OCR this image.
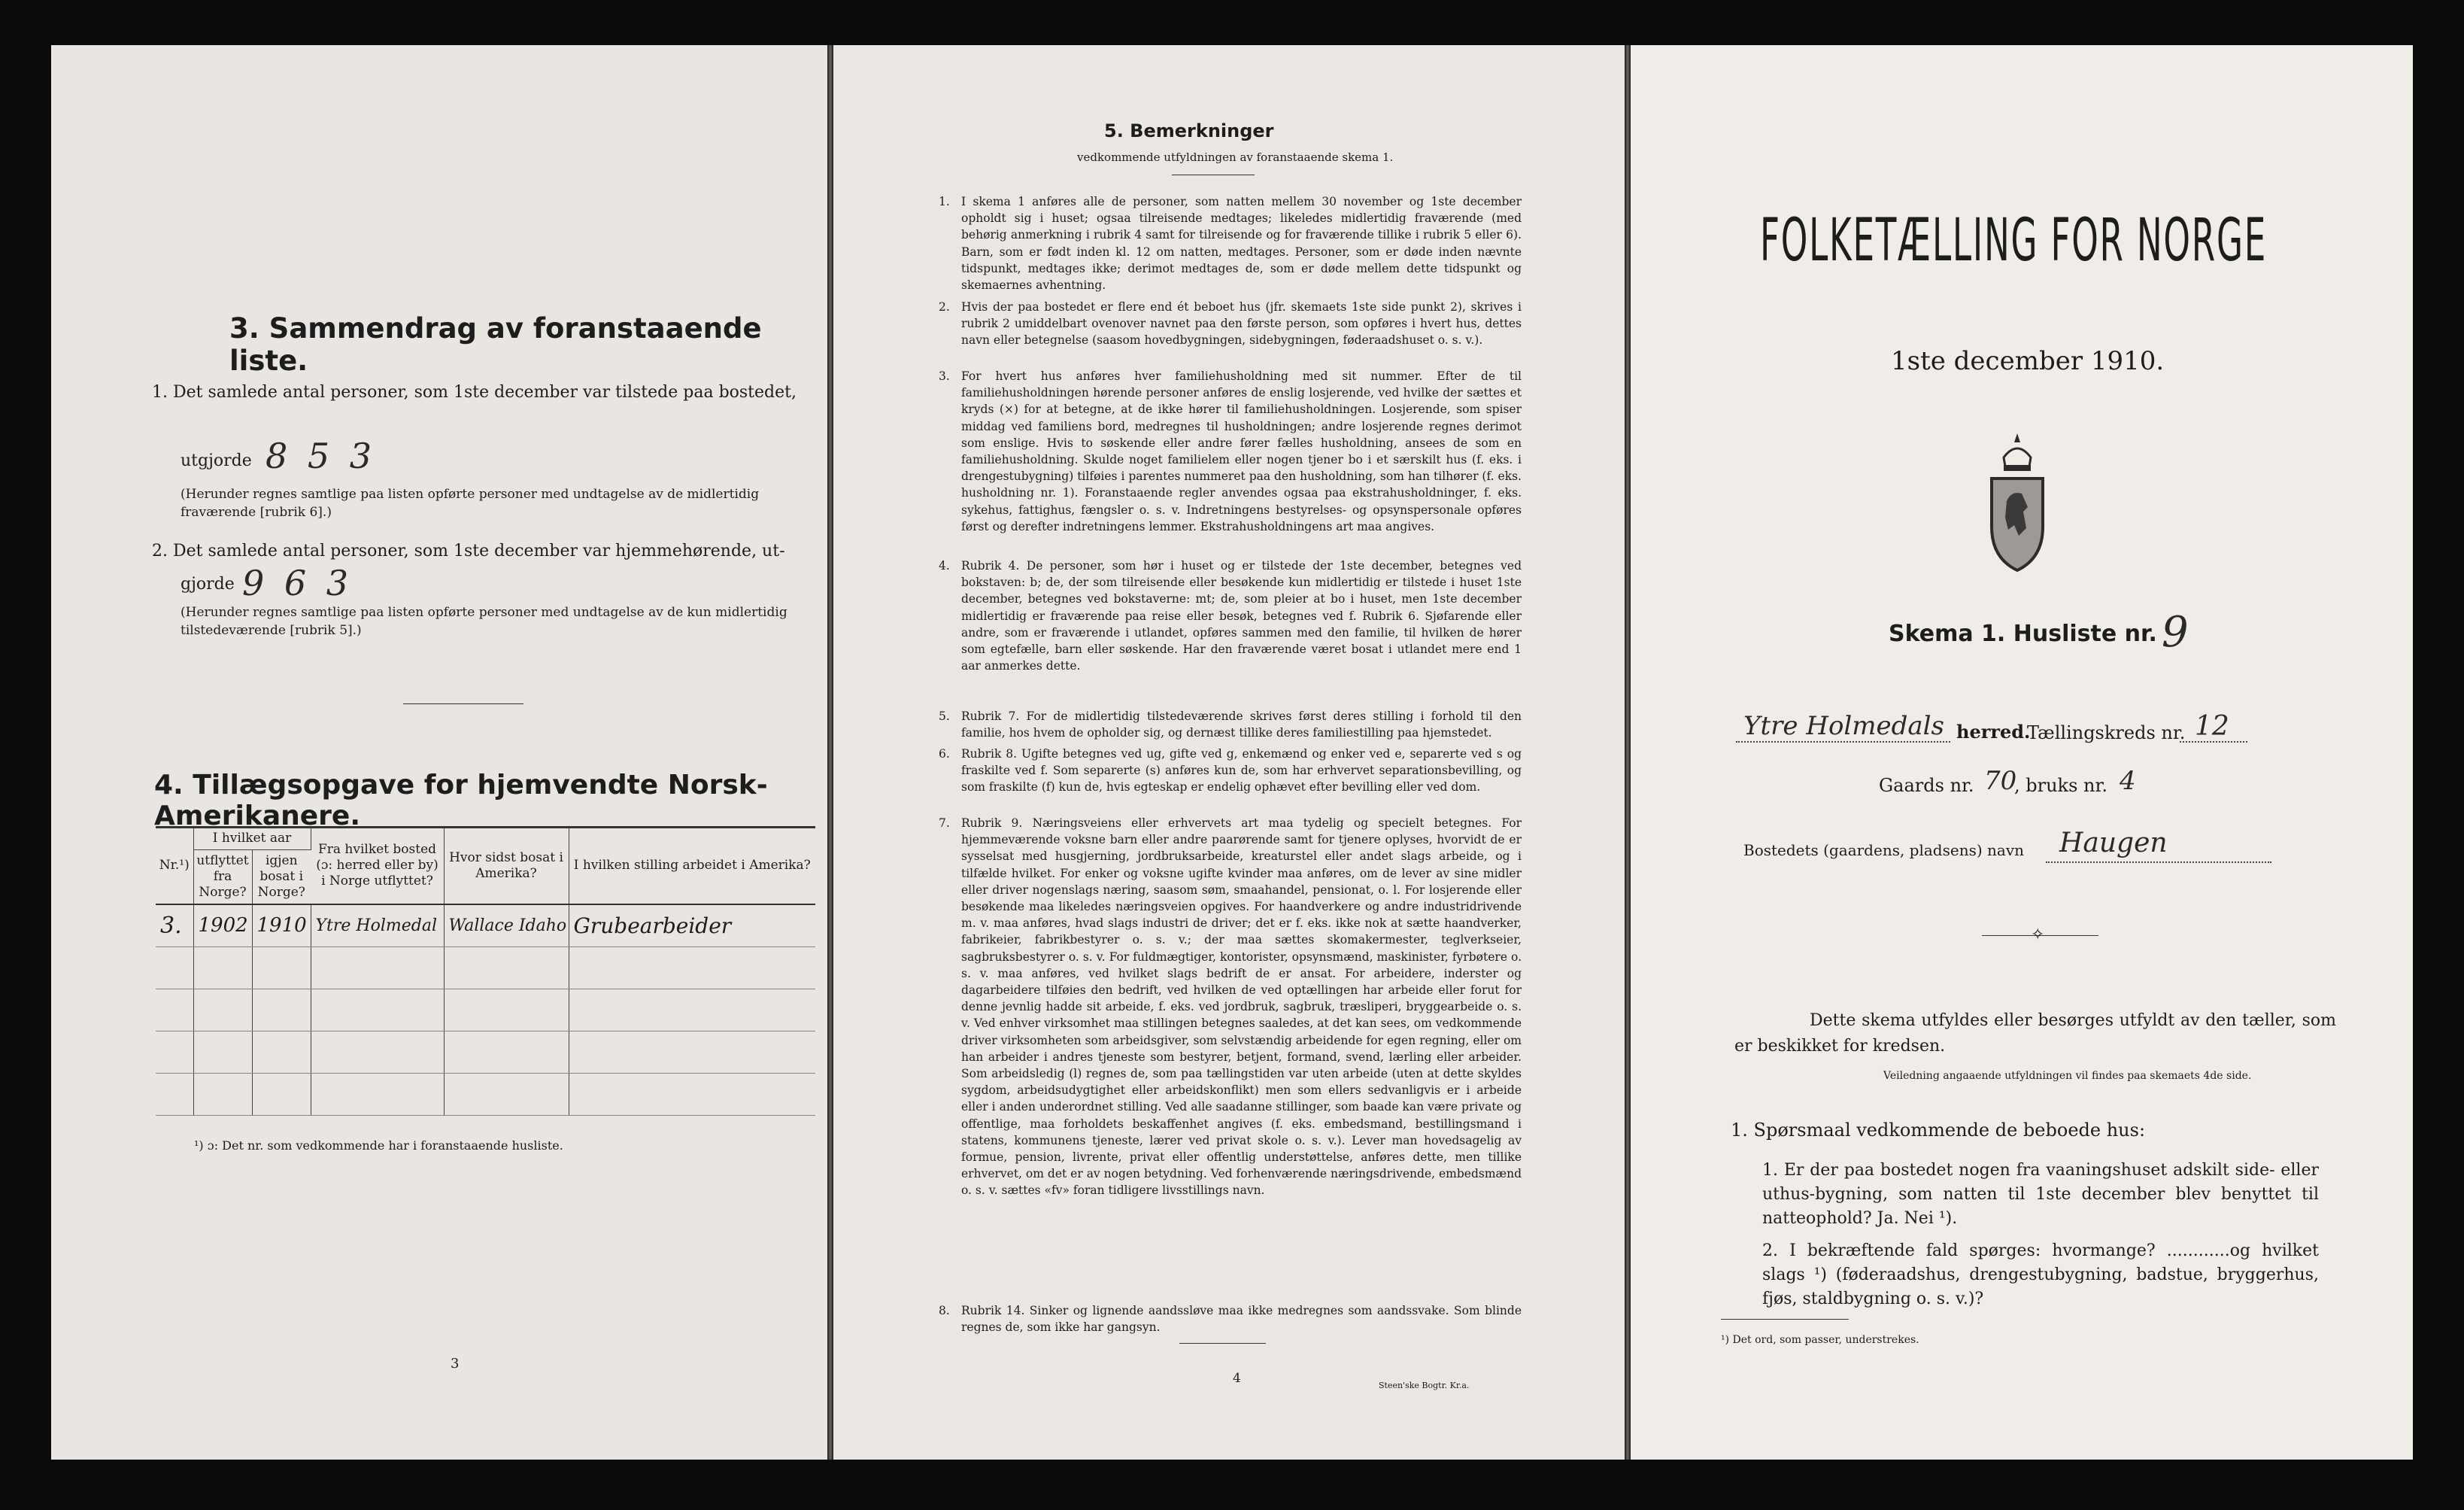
3. Sammendrag av foranstaaende liste.
1. Det samlede antal personer, som 1ste december var tilstede paa bostedet,
utgjorde 8 5 3
(Herunder regnes samtlige paa listen opførte personer med undtagelse av de midlertidig fraværende [rubrik 6].)
2. Det samlede antal personer, som 1ste december var hjemmehørende, ut-
gjorde 9 6 3
(Herunder regnes samtlige paa listen opførte personer med undtagelse av de kun midlertidig tilstedeværende [rubrik 5].)
4. Tillægsopgave for hjemvendte Norsk-Amerikanere.
Nr.¹)	I hvilket aar		Fra hvilket bosted (ɔ: herred eller by) i Norge utflyttet?	Hvor sidst bosat i Amerika?	I hvilken stilling arbeidet i Amerika?
	utflyttet fra Norge?	igjen bosat i Norge?			
3.	1902	1910	Ytre Holmedal	Wallace Idaho	Grubearbeider

¹) ɔ: Det nr. som vedkommende har i foranstaaende husliste.
3
5. Bemerkninger
vedkommende utfyldningen av foranstaaende skema 1.
1. I skema 1 anføres alle de personer, som natten mellem 30 november og 1ste december opholdt sig i huset; ogsaa tilreisende medtages; likeledes midlertidig fraværende (med behørig anmerkning i rubrik 4 samt for tilreisende og for fraværende tillike i rubrik 5 eller 6). Barn, som er født inden kl. 12 om natten, medtages. Personer, som er døde inden nævnte tidspunkt, medtages ikke; derimot medtages de, som er døde mellem dette tidspunkt og skemaernes avhentning.
2. Hvis der paa bostedet er flere end ét beboet hus (jfr. skemaets 1ste side punkt 2), skrives i rubrik 2 umiddelbart ovenover navnet paa den første person, som opføres i hvert hus, dettes navn eller betegnelse (saasom hovedbygningen, sidebygningen, føderaadshuset o. s. v.).
3. For hvert hus anføres hver familiehusholdning med sit nummer. Efter de til familiehusholdningen hørende personer anføres de enslig losjerende, ved hvilke der sættes et kryds (×) for at betegne, at de ikke hører til familiehusholdningen. Losjerende, som spiser middag ved familiens bord, medregnes til husholdningen; andre losjerende regnes derimot som enslige. Hvis to søskende eller andre fører fælles husholdning, ansees de som en familiehusholdning. Skulde noget familielem eller nogen tjener bo i et særskilt hus (f. eks. i drengestubygning) tilføies i parentes nummeret paa den husholdning, som han tilhører (f. eks. husholdning nr. 1). Foranstaaende regler anvendes ogsaa paa ekstrahusholdninger, f. eks. sykehus, fattighus, fængsler o. s. v. Indretningens bestyrelses- og opsynspersonale opføres først og derefter indretningens lemmer. Ekstrahusholdningens art maa angives.
4. Rubrik 4. De personer, som hør i huset og er tilstede der 1ste december, betegnes ved bokstaven: b; de, der som tilreisende eller besøkende kun midlertidig er tilstede i huset 1ste december, betegnes ved bokstaverne: mt; de, som pleier at bo i huset, men 1ste december midlertidig er fraværende paa reise eller besøk, betegnes ved f. Rubrik 6. Sjøfarende eller andre, som er fraværende i utlandet, opføres sammen med den familie, til hvilken de hører som egtefælle, barn eller søskende. Har den fraværende været bosat i utlandet mere end 1 aar anmerkes dette.
5. Rubrik 7. For de midlertidig tilstedeværende skrives først deres stilling i forhold til den familie, hos hvem de opholder sig, og dernæst tillike deres familiestilling paa hjemstedet.
6. Rubrik 8. Ugifte betegnes ved ug, gifte ved g, enkemænd og enker ved e, separerte ved s og fraskilte ved f. Som separerte (s) anføres kun de, som har erhvervet separationsbevilling, og som fraskilte (f) kun de, hvis egteskap er endelig ophævet efter bevilling eller ved dom.
7. Rubrik 9. Næringsveiens eller erhvervets art maa tydelig og specielt betegnes. For hjemmeværende voksne barn eller andre paarørende samt for tjenere oplyses, hvorvidt de er sysselsat med husgjerning, jordbruksarbeide, kreaturstel eller andet slags arbeide, og i tilfælde hvilket. For enker og voksne ugifte kvinder maa anføres, om de lever av sine midler eller driver nogenslags næring, saasom søm, smaahandel, pensionat, o. l. For losjerende eller besøkende maa likeledes næringsveien opgives. For haandverkere og andre industridrivende m. v. maa anføres, hvad slags industri de driver; det er f. eks. ikke nok at sætte haandverker, fabrikeier, fabrikbestyrer o. s. v.; der maa sættes skomakermester, teglverkseier, sagbruksbestyrer o. s. v. For fuldmægtiger, kontorister, opsynsmænd, maskinister, fyrbøtere o. s. v. maa anføres, ved hvilket slags bedrift de er ansat. For arbeidere, inderster og dagarbeidere tilføies den bedrift, ved hvilken de ved optællingen har arbeide eller forut for denne jevnlig hadde sit arbeide, f. eks. ved jordbruk, sagbruk, træsliperi, bryggearbeide o. s. v. Ved enhver virksomhet maa stillingen betegnes saaledes, at det kan sees, om vedkommende driver virksomheten som arbeidsgiver, som selvstændig arbeidende for egen regning, eller om han arbeider i andres tjeneste som bestyrer, betjent, formand, svend, lærling eller arbeider. Som arbeidsledig (l) regnes de, som paa tællingstiden var uten arbeide (uten at dette skyldes sygdom, arbeidsudygtighet eller arbeidskonflikt) men som ellers sedvanligvis er i arbeide eller i anden underordnet stilling. Ved alle saadanne stillinger, som baade kan være private og offentlige, maa forholdets beskaffenhet angives (f. eks. embedsmand, bestillingsmand i statens, kommunens tjeneste, lærer ved privat skole o. s. v.). Lever man hovedsagelig av formue, pension, livrente, privat eller offentlig understøttelse, anføres dette, men tillike erhvervet, om det er av nogen betydning. Ved forhenværende næringsdrivende, embedsmænd o. s. v. sættes «fv» foran tidligere livsstillings navn.
8. Rubrik 14. Sinker og lignende aandssløve maa ikke medregnes som aandssvake. Som blinde regnes de, som ikke har gangsyn.
4	Steen'ske Bogtr. Kr.a.
FOLKETÆLLING FOR NORGE
1ste december 1910.
Skema 1. Husliste nr. 9
Ytre Holmedals herred.
Tællingskreds nr. 12
Gaards nr. 70
, bruks nr. 4
Bostedets (gaardens, pladsens) navn Haugen
✧
Dette skema utfyldes eller besørges utfyldt av den tæller, som er beskikket for kredsen.
Veiledning angaaende utfyldningen vil findes paa skemaets 4de side.
1. Spørsmaal vedkommende de beboede hus:
1. Er der paa bostedet nogen fra vaaningshuset adskilt side- eller uthus-bygning, som natten til 1ste december blev benyttet til natteophold? Ja. Nei ¹).
2. I bekræftende fald spørges: hvormange? ............og hvilket slags ¹) (føderaadshus, drengestubygning, badstue, bryggerhus, fjøs, staldbygning o. s. v.)?
¹) Det ord, som passer, understrekes.
